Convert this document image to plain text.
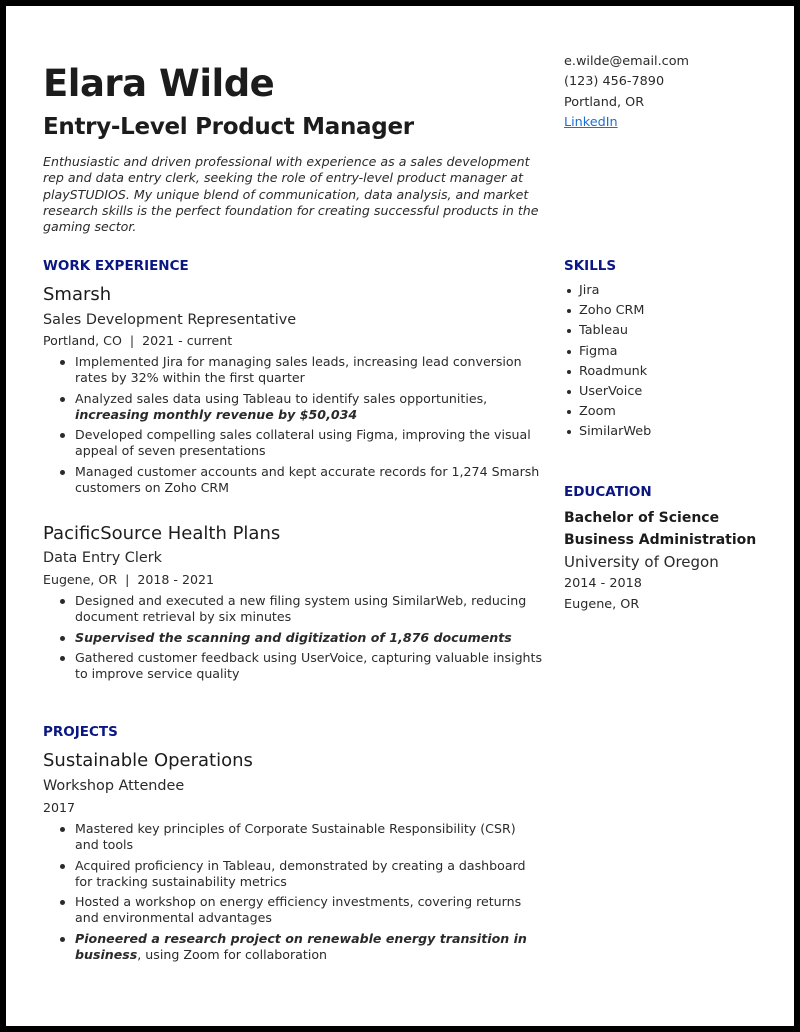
Elara Wilde
Entry-Level Product Manager
Enthusiastic and driven professional with experience as a sales development rep and data entry clerk, seeking the role of entry-level product manager at playSTUDIOS. My unique blend of communication, data analysis, and market research skills is the perfect foundation for creating successful products in the gaming sector.
WORK EXPERIENCE
Smarsh
Sales Development Representative
Portland, CO | 2021 - current
Implemented Jira for managing sales leads, increasing lead conversion rates by 32% within the first quarter
Analyzed sales data using Tableau to identify sales opportunities, increasing monthly revenue by $50,034
Developed compelling sales collateral using Figma, improving the visual appeal of seven presentations
Managed customer accounts and kept accurate records for 1,274 Smarsh customers on Zoho CRM
PacificSource Health Plans
Data Entry Clerk
Eugene, OR | 2018 - 2021
Designed and executed a new filing system using SimilarWeb, reducing document retrieval by six minutes
Supervised the scanning and digitization of 1,876 documents
Gathered customer feedback using UserVoice, capturing valuable insights to improve service quality
PROJECTS
Sustainable Operations
Workshop Attendee
2017
Mastered key principles of Corporate Sustainable Responsibility (CSR) and tools
Acquired proficiency in Tableau, demonstrated by creating a dashboard for tracking sustainability metrics
Hosted a workshop on energy efficiency investments, covering returns and environmental advantages
Pioneered a research project on renewable energy transition in business, using Zoom for collaboration
e.wilde@email.com
(123) 456-7890
Portland, OR
LinkedIn
SKILLS
Jira
Zoho CRM
Tableau
Figma
Roadmunk
UserVoice
Zoom
SimilarWeb
EDUCATION
Bachelor of Science
Business Administration
University of Oregon
2014 - 2018
Eugene, OR
